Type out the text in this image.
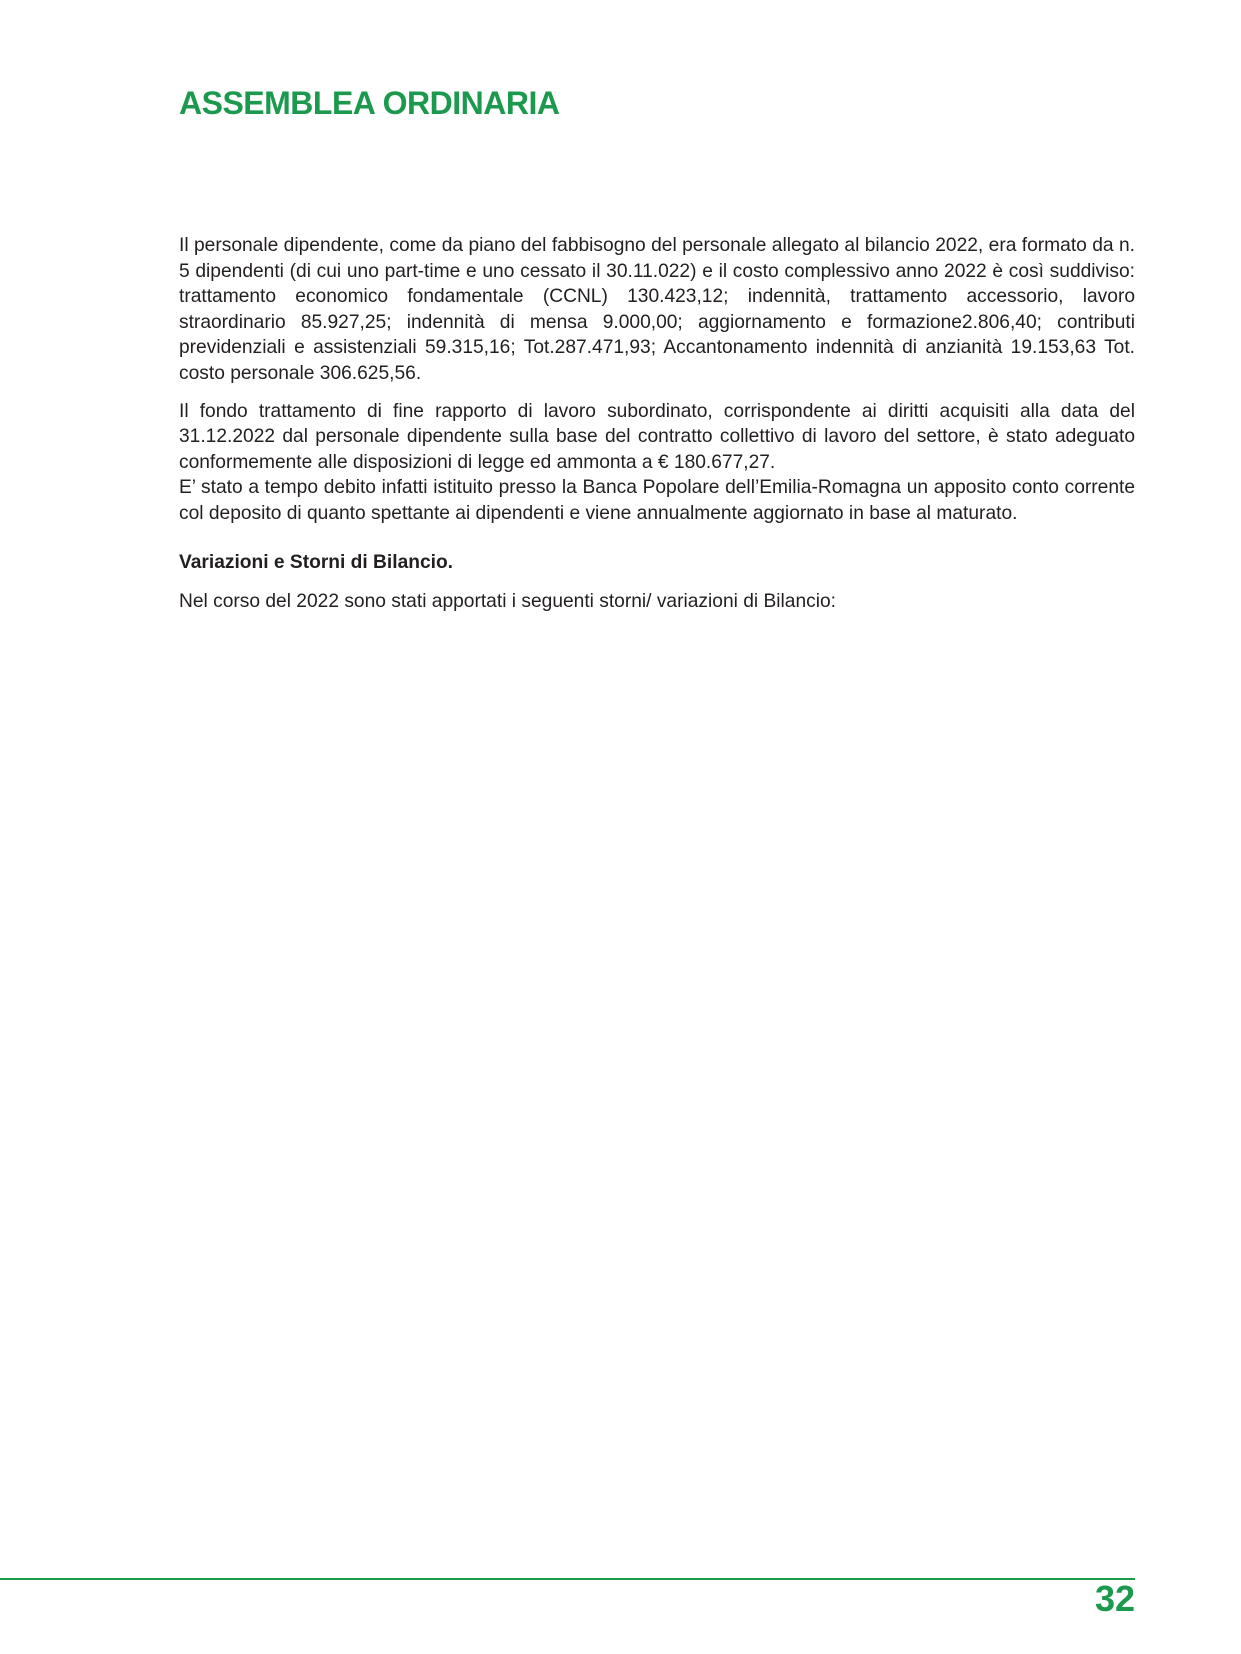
ASSEMBLEA ORDINARIA

Il personale dipendente, come da piano del fabbisogno del personale allegato al bilancio 2022, era formato da n. 5 dipendenti (di cui uno part-time e uno cessato il 30.11.022) e il costo complessivo anno 2022 è così suddiviso: trattamento economico fondamentale (CCNL) 130.423,12; indennità, trattamento accessorio, lavoro straordinario 85.927,25; indennità di mensa 9.000,00; aggiornamento e formazione2.806,40; contributi previdenziali e assistenziali 59.315,16; Tot.287.471,93; Accantonamento indennità di anzianità 19.153,63 Tot. costo personale 306.625,56.

Il fondo trattamento di fine rapporto di lavoro subordinato, corrispondente ai diritti acquisiti alla data del 31.12.2022 dal personale dipendente sulla base del contratto collettivo di lavoro del settore, è stato adeguato conformemente alle disposizioni di legge ed ammonta a € 180.677,27.

E’ stato a tempo debito infatti istituito presso la Banca Popolare dell’Emilia-Romagna un apposito conto corrente col deposito di quanto spettante ai dipendenti e viene annualmente aggiornato in base al maturato.

Variazioni e Storni di Bilancio.

Nel corso del 2022 sono stati apportati i seguenti storni/ variazioni di Bilancio:

32
